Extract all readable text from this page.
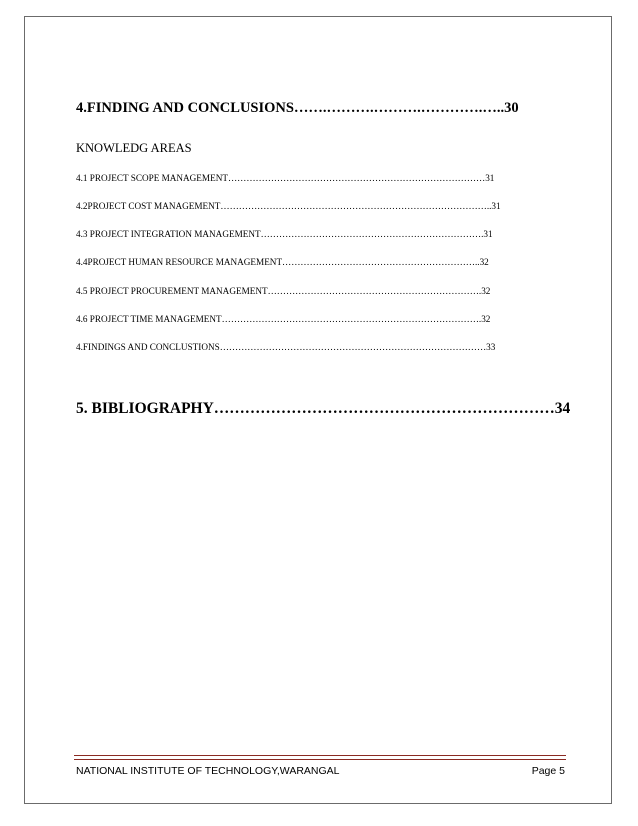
4.FINDING AND CONCLUSIONS…….……….……….………….…..30
KNOWLEDG AREAS
4.1 PROJECT SCOPE MANAGEMENT…………………………………………………………………………31
4.2PROJECT COST MANAGEMENT……………………………………………………………………………..31
4.3 PROJECT INTEGRATION MANAGEMENT……………………………………………………………….31
4.4PROJECT HUMAN RESOURCE MANAGEMENT………………………………………………………..32
4.5 PROJECT PROCUREMENT MANAGEMENT…………………………………………………………….32
4.6 PROJECT TIME MANAGEMENT………………………………………………………………………….32
4.FINDINGS AND CONCLUSTIONS……………………………………………………………………………33
5. BIBLIOGRAPHY…………………………………………………………34
NATIONAL INSTITUTE OF TECHNOLOGY,WARANGAL	Page 5
